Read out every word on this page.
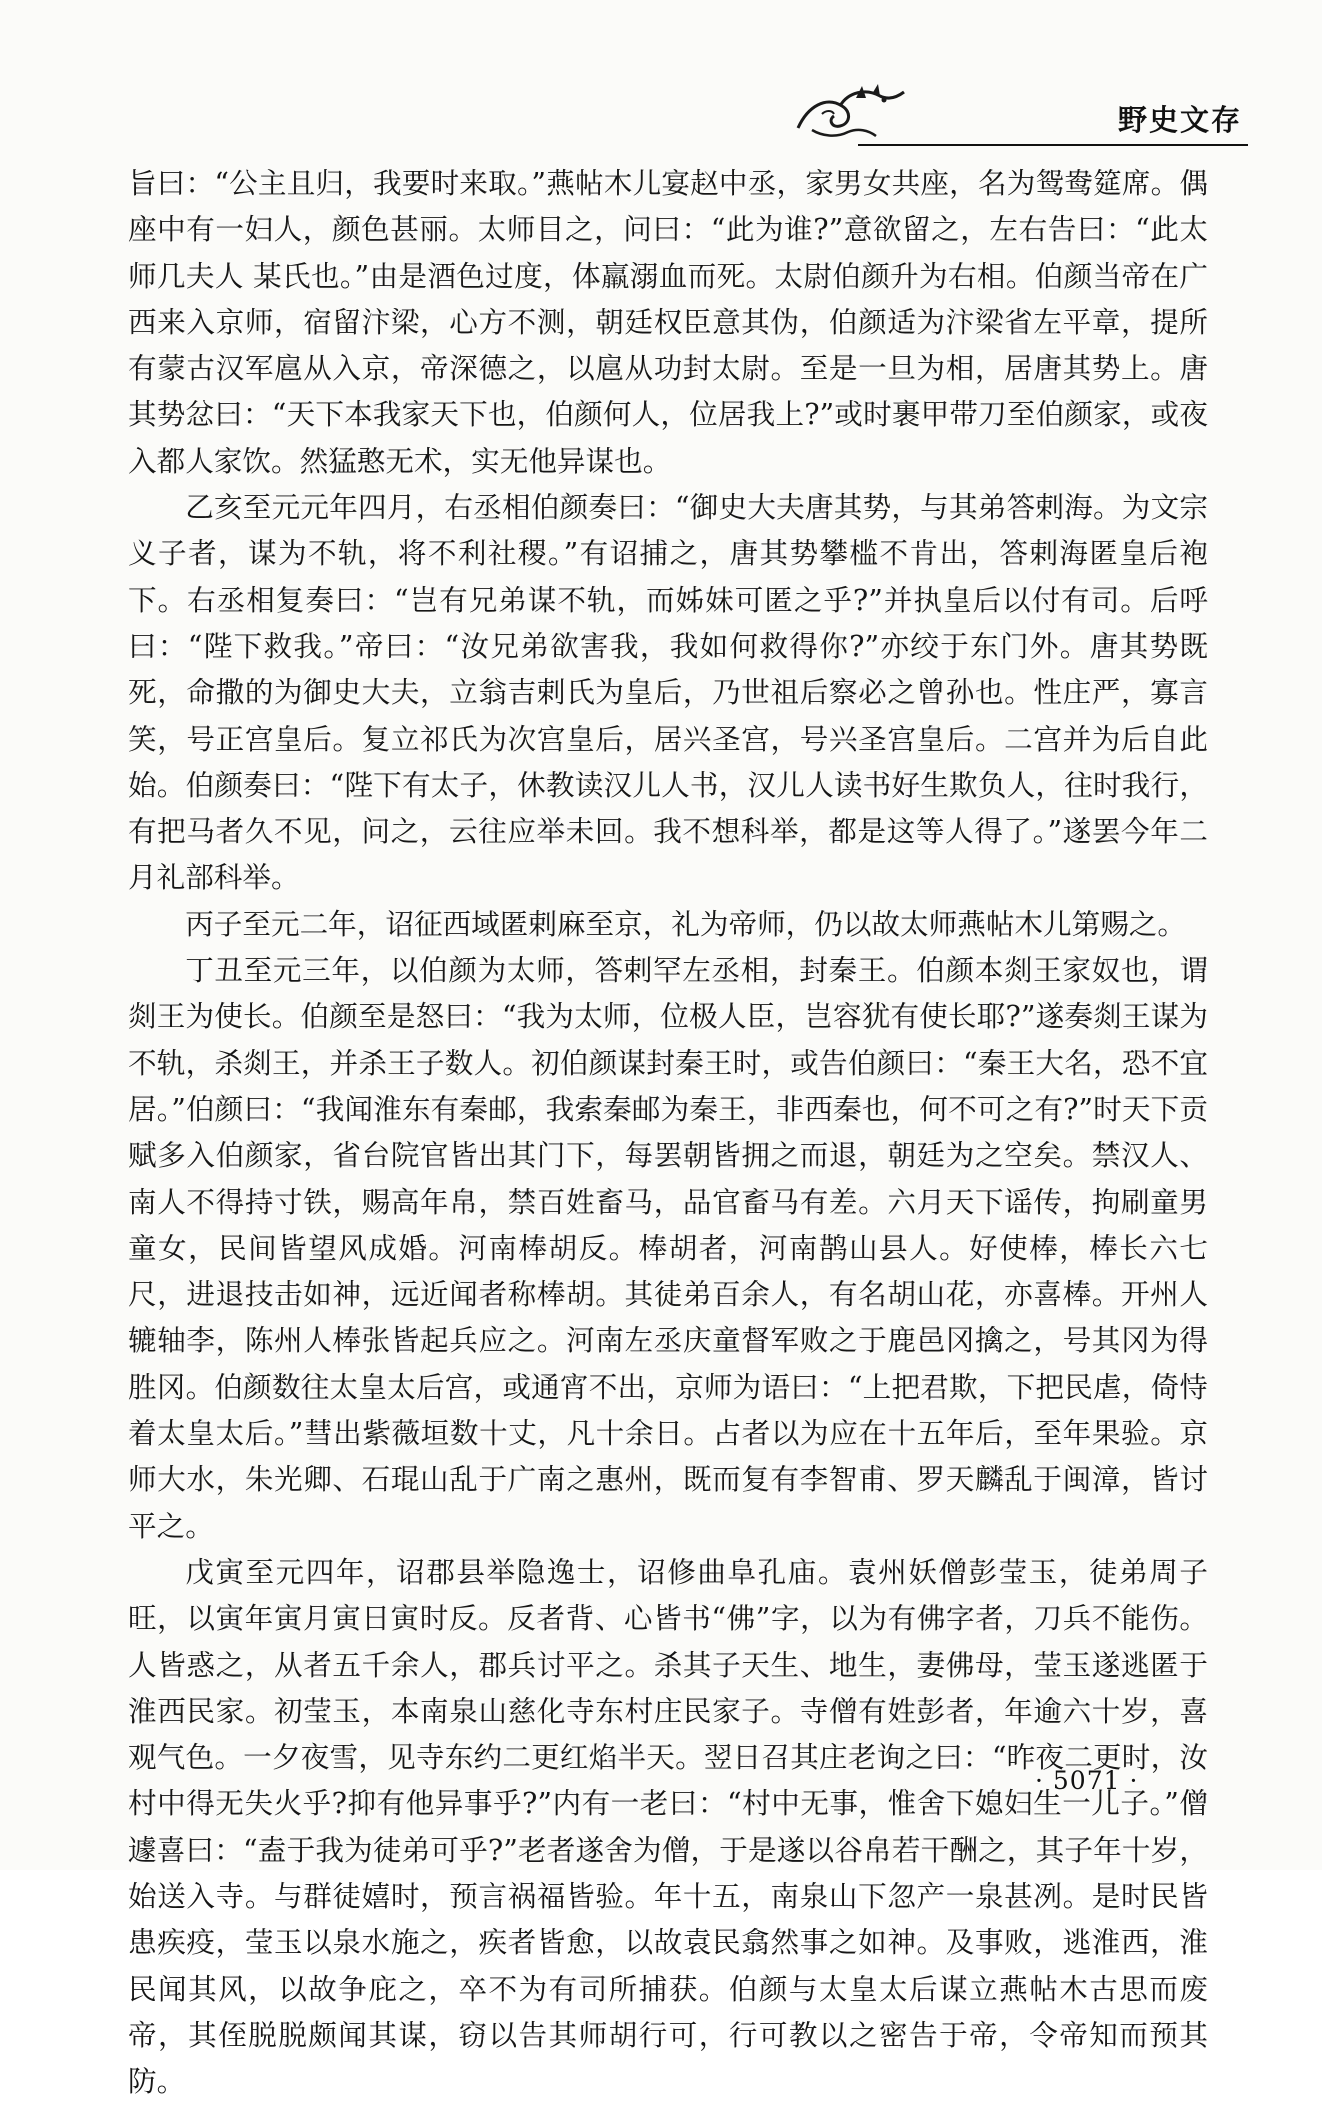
野史文存

旨曰：“公主且归，我要时来取。”燕帖木儿宴赵中丞，家男女共座，名为鸳鸯筵席。偶座中有一妇人，颜色甚丽。太师目之，问曰：“此为谁?”意欲留之，左右告曰：“此太师几夫人 某氏也。”由是酒色过度，体羸溺血而死。太尉伯颜升为右相。伯颜当帝在广西来入京师，宿留汴梁，心方不测，朝廷权臣意其伪，伯颜适为汴梁省左平章，提所有蒙古汉军扈从入京，帝深德之，以扈从功封太尉。至是一旦为相，居唐其势上。唐其势忿曰：“天下本我家天下也，伯颜何人，位居我上?”或时裹甲带刀至伯颜家，或夜入都人家饮。然猛憨无术，实无他异谋也。

乙亥至元元年四月，右丞相伯颜奏曰：“御史大夫唐其势，与其弟答剌海。为文宗义子者，谋为不轨，将不利社稷。”有诏捕之，唐其势攀槛不肯出，答剌海匿皇后袍下。右丞相复奏曰：“岂有兄弟谋不轨，而姊妹可匿之乎?”并执皇后以付有司。后呼曰：“陛下救我。”帝曰：“汝兄弟欲害我，我如何救得你?”亦绞于东门外。唐其势既死，命撒的为御史大夫，立翁吉剌氏为皇后，乃世祖后察必之曾孙也。性庄严，寡言笑，号正宫皇后。复立祁氏为次宫皇后，居兴圣宫，号兴圣宫皇后。二宫并为后自此始。伯颜奏曰：“陛下有太子，休教读汉儿人书，汉儿人读书好生欺负人，往时我行，有把马者久不见，问之，云往应举未回。我不想科举，都是这等人得了。”遂罢今年二月礼部科举。

丙子至元二年，诏征西域匿剌麻至京，礼为帝师，仍以故太师燕帖木儿第赐之。

丁丑至元三年，以伯颜为太师，答剌罕左丞相，封秦王。伯颜本剡王家奴也，谓剡王为使长。伯颜至是怒曰：“我为太师，位极人臣，岂容犹有使长耶?”遂奏剡王谋为不轨，杀剡王，并杀王子数人。初伯颜谋封秦王时，或告伯颜曰：“秦王大名，恐不宜居。”伯颜曰：“我闻淮东有秦邮，我索秦邮为秦王，非西秦也，何不可之有?”时天下贡赋多入伯颜家，省台院官皆出其门下，每罢朝皆拥之而退，朝廷为之空矣。禁汉人、南人不得持寸铁，赐高年帛，禁百姓畜马，品官畜马有差。六月天下谣传，拘刷童男童女，民间皆望风成婚。河南棒胡反。棒胡者，河南鹊山县人。好使棒，棒长六七尺，进退技击如神，远近闻者称棒胡。其徒弟百余人，有名胡山花，亦喜棒。开州人辘轴李，陈州人棒张皆起兵应之。河南左丞庆童督军败之于鹿邑冈擒之，号其冈为得胜冈。伯颜数往太皇太后宫，或通宵不出，京师为语曰：“上把君欺，下把民虐，倚恃着太皇太后。”彗出紫薇垣数十丈，凡十余日。占者以为应在十五年后，至年果验。京师大水，朱光卿、石琨山乱于广南之惠州，既而复有李智甫、罗天麟乱于闽漳，皆讨平之。

戊寅至元四年，诏郡县举隐逸士，诏修曲阜孔庙。袁州妖僧彭莹玉，徒弟周子旺，以寅年寅月寅日寅时反。反者背、心皆书“佛”字，以为有佛字者，刀兵不能伤。人皆惑之，从者五千余人，郡兵讨平之。杀其子天生、地生，妻佛母，莹玉遂逃匿于淮西民家。初莹玉，本南泉山慈化寺东村庄民家子。寺僧有姓彭者，年逾六十岁，喜观气色。一夕夜雪，见寺东约二更红焰半天。翌日召其庄老询之曰：“昨夜二更时，汝村中得无失火乎?抑有他异事乎?”内有一老曰：“村中无事，惟舍下媳妇生一儿子。”僧遽喜曰：“盍于我为徒弟可乎?”老者遂舍为僧，于是遂以谷帛若干酬之，其子年十岁，始送入寺。与群徒嬉时，预言祸福皆验。年十五，南泉山下忽产一泉甚冽。是时民皆患疾疫，莹玉以泉水施之，疾者皆愈，以故袁民翕然事之如神。及事败，逃淮西，淮民闻其风，以故争庇之，卒不为有司所捕获。伯颜与太皇太后谋立燕帖木古思而废帝，其侄脱脱颇闻其谋，窃以告其师胡行可，行可教以之密告于帝，令帝知而预其防。

· 5071 ·
